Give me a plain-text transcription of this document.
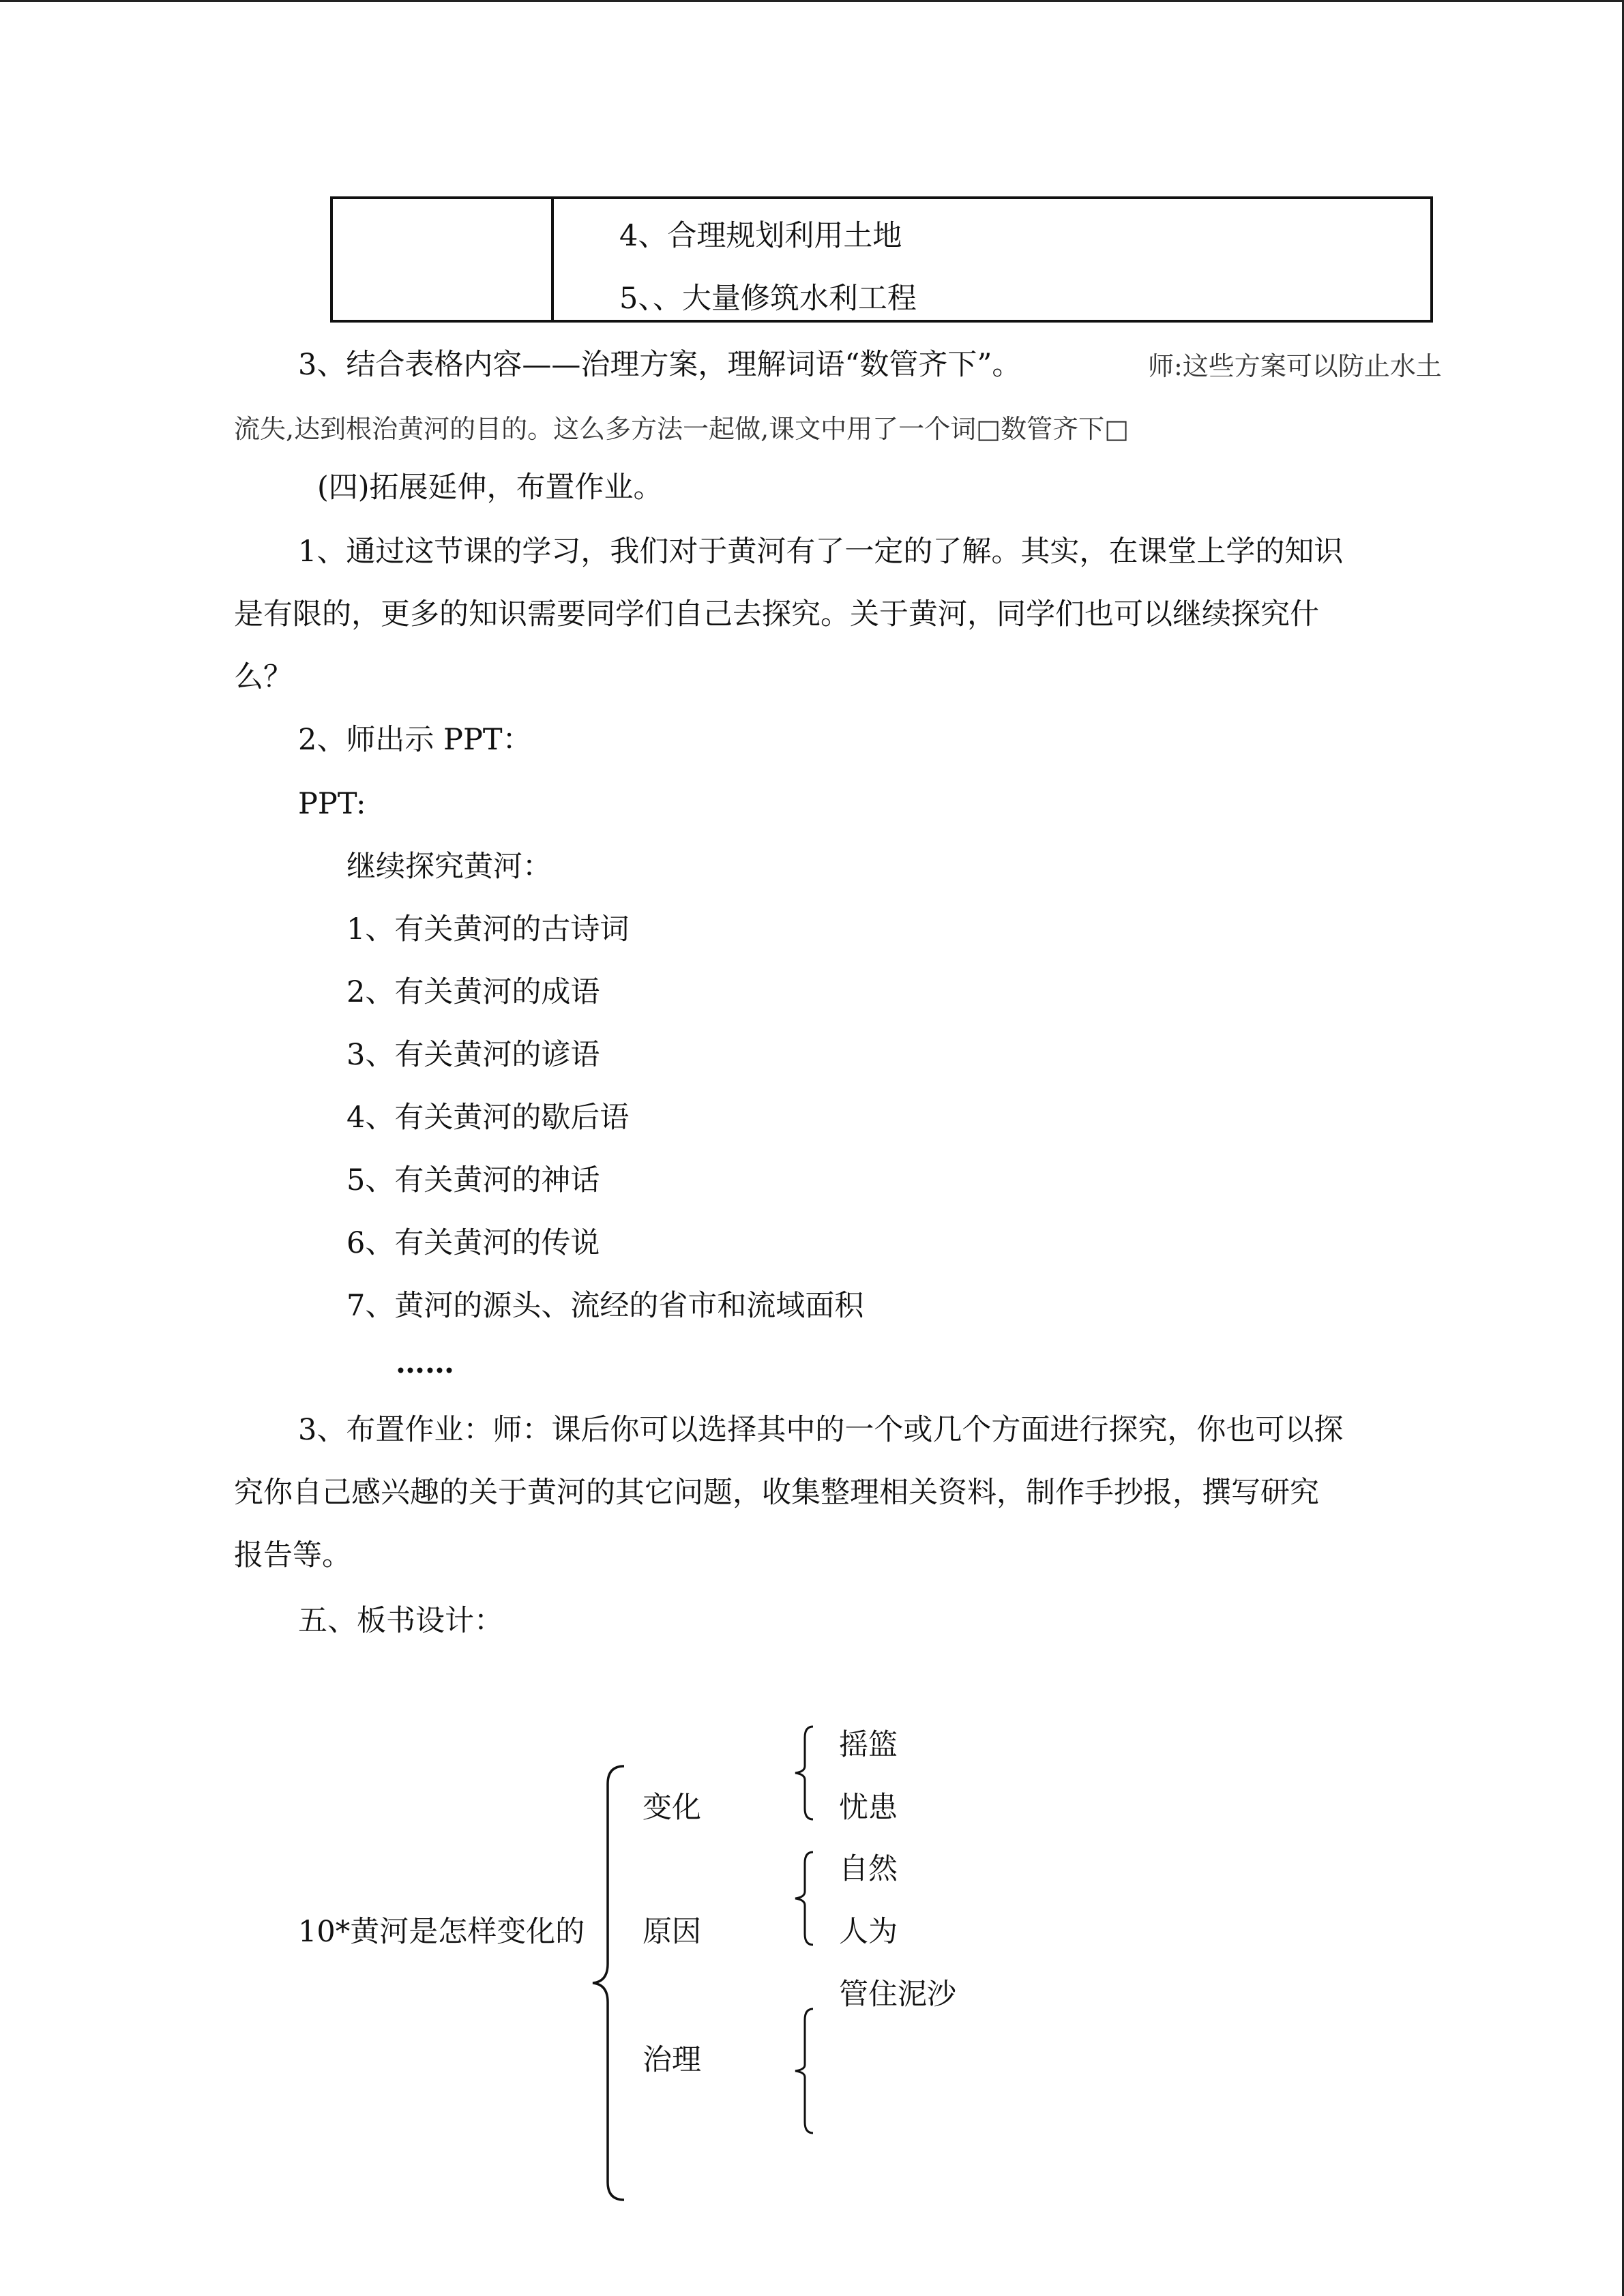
4、合理规划利用土地
5、、大量修筑水利工程
3、结合表格内容——治理方案，理解词语“数管齐下”。	师:这些方案可以防止水土
流失,达到根治黄河的目的。这么多方法一起做,课文中用了一个词□数管齐下□
(四)拓展延伸，布置作业。
1、通过这节课的学习，我们对于黄河有了一定的了解。其实，在课堂上学的知识
是有限的，更多的知识需要同学们自己去探究。关于黄河，同学们也可以继续探究什
么？
2、师出示 PPT：
PPT:
继续探究黄河：
1、有关黄河的古诗词
2、有关黄河的成语
3、有关黄河的谚语
4、有关黄河的歇后语
5、有关黄河的神话
6、有关黄河的传说
7、黄河的源头、流经的省市和流域面积
……
3、布置作业：师：课后你可以选择其中的一个或几个方面进行探究，你也可以探
究你自己感兴趣的关于黄河的其它问题，收集整理相关资料，制作手抄报，撰写研究
报告等。
五、板书设计：
10*黄河是怎样变化的
变化
原因
治理
摇篮
忧患
自然
人为
管住泥沙
